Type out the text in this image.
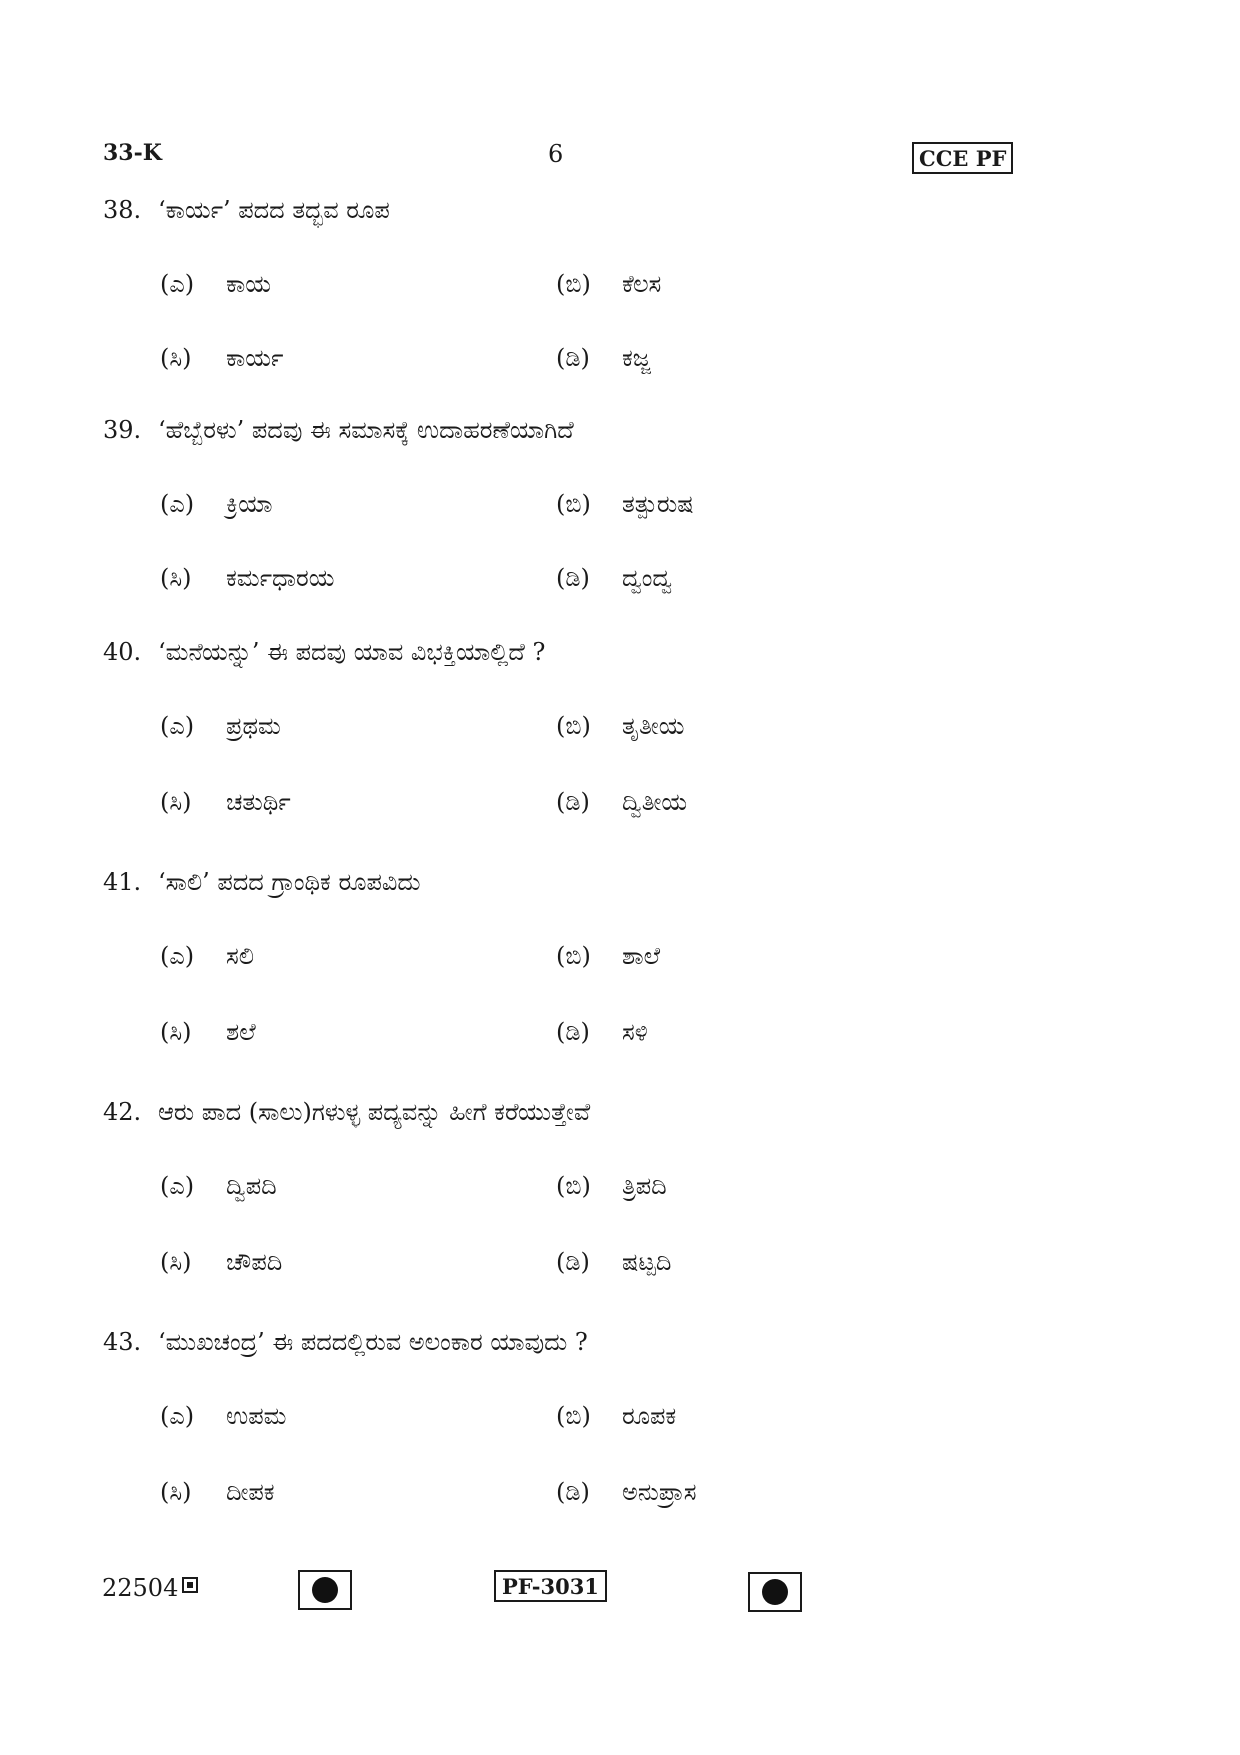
33-K	6	CCE PF
38. ‘ಕಾರ್ಯ’ ಪದದ ತದ್ಭವ ರೂಪ
(ಎ) ಕಾಯ	(ಬಿ) ಕೆಲಸ
(ಸಿ) ಕಾರ್ಯ	(ಡಿ) ಕಜ್ಜ
39. ‘ಹೆಬ್ಬೆರಳು’ ಪದವು ಈ ಸಮಾಸಕ್ಕೆ ಉದಾಹರಣೆಯಾಗಿದೆ
(ಎ) ಕ್ರಿಯಾ	(ಬಿ) ತತ್ಪುರುಷ
(ಸಿ) ಕರ್ಮಧಾರಯ	(ಡಿ) ದ್ವಂದ್ವ
40. ‘ಮನೆಯನ್ನು’ ಈ ಪದವು ಯಾವ ವಿಭಕ್ತಿಯಾಲ್ಲಿದೆ ?
(ಎ) ಪ್ರಥಮ	(ಬಿ) ತೃತೀಯ
(ಸಿ) ಚತುರ್ಥಿ	(ಡಿ) ದ್ವಿತೀಯ
41. ‘ಸಾಲಿ’ ಪದದ ಗ್ರಾಂಥಿಕ ರೂಪವಿದು
(ಎ) ಸಲಿ	(ಬಿ) ಶಾಲೆ
(ಸಿ) ಶಲೆ	(ಡಿ) ಸಳಿ
42. ಆರು ಪಾದ (ಸಾಲು)ಗಳುಳ್ಳ ಪದ್ಯವನ್ನು ಹೀಗೆ ಕರೆಯುತ್ತೇವೆ
(ಎ) ದ್ವಿಪದಿ	(ಬಿ) ತ್ರಿಪದಿ
(ಸಿ) ಚೌಪದಿ	(ಡಿ) ಷಟ್ಪದಿ
43. ‘ಮುಖಚಂದ್ರ’ ಈ ಪದದಲ್ಲಿರುವ ಅಲಂಕಾರ ಯಾವುದು ?
(ಎ) ಉಪಮ	(ಬಿ) ರೂಪಕ
(ಸಿ) ದೀಪಕ	(ಡಿ) ಅನುಪ್ರಾಸ
22504	PF-3031
